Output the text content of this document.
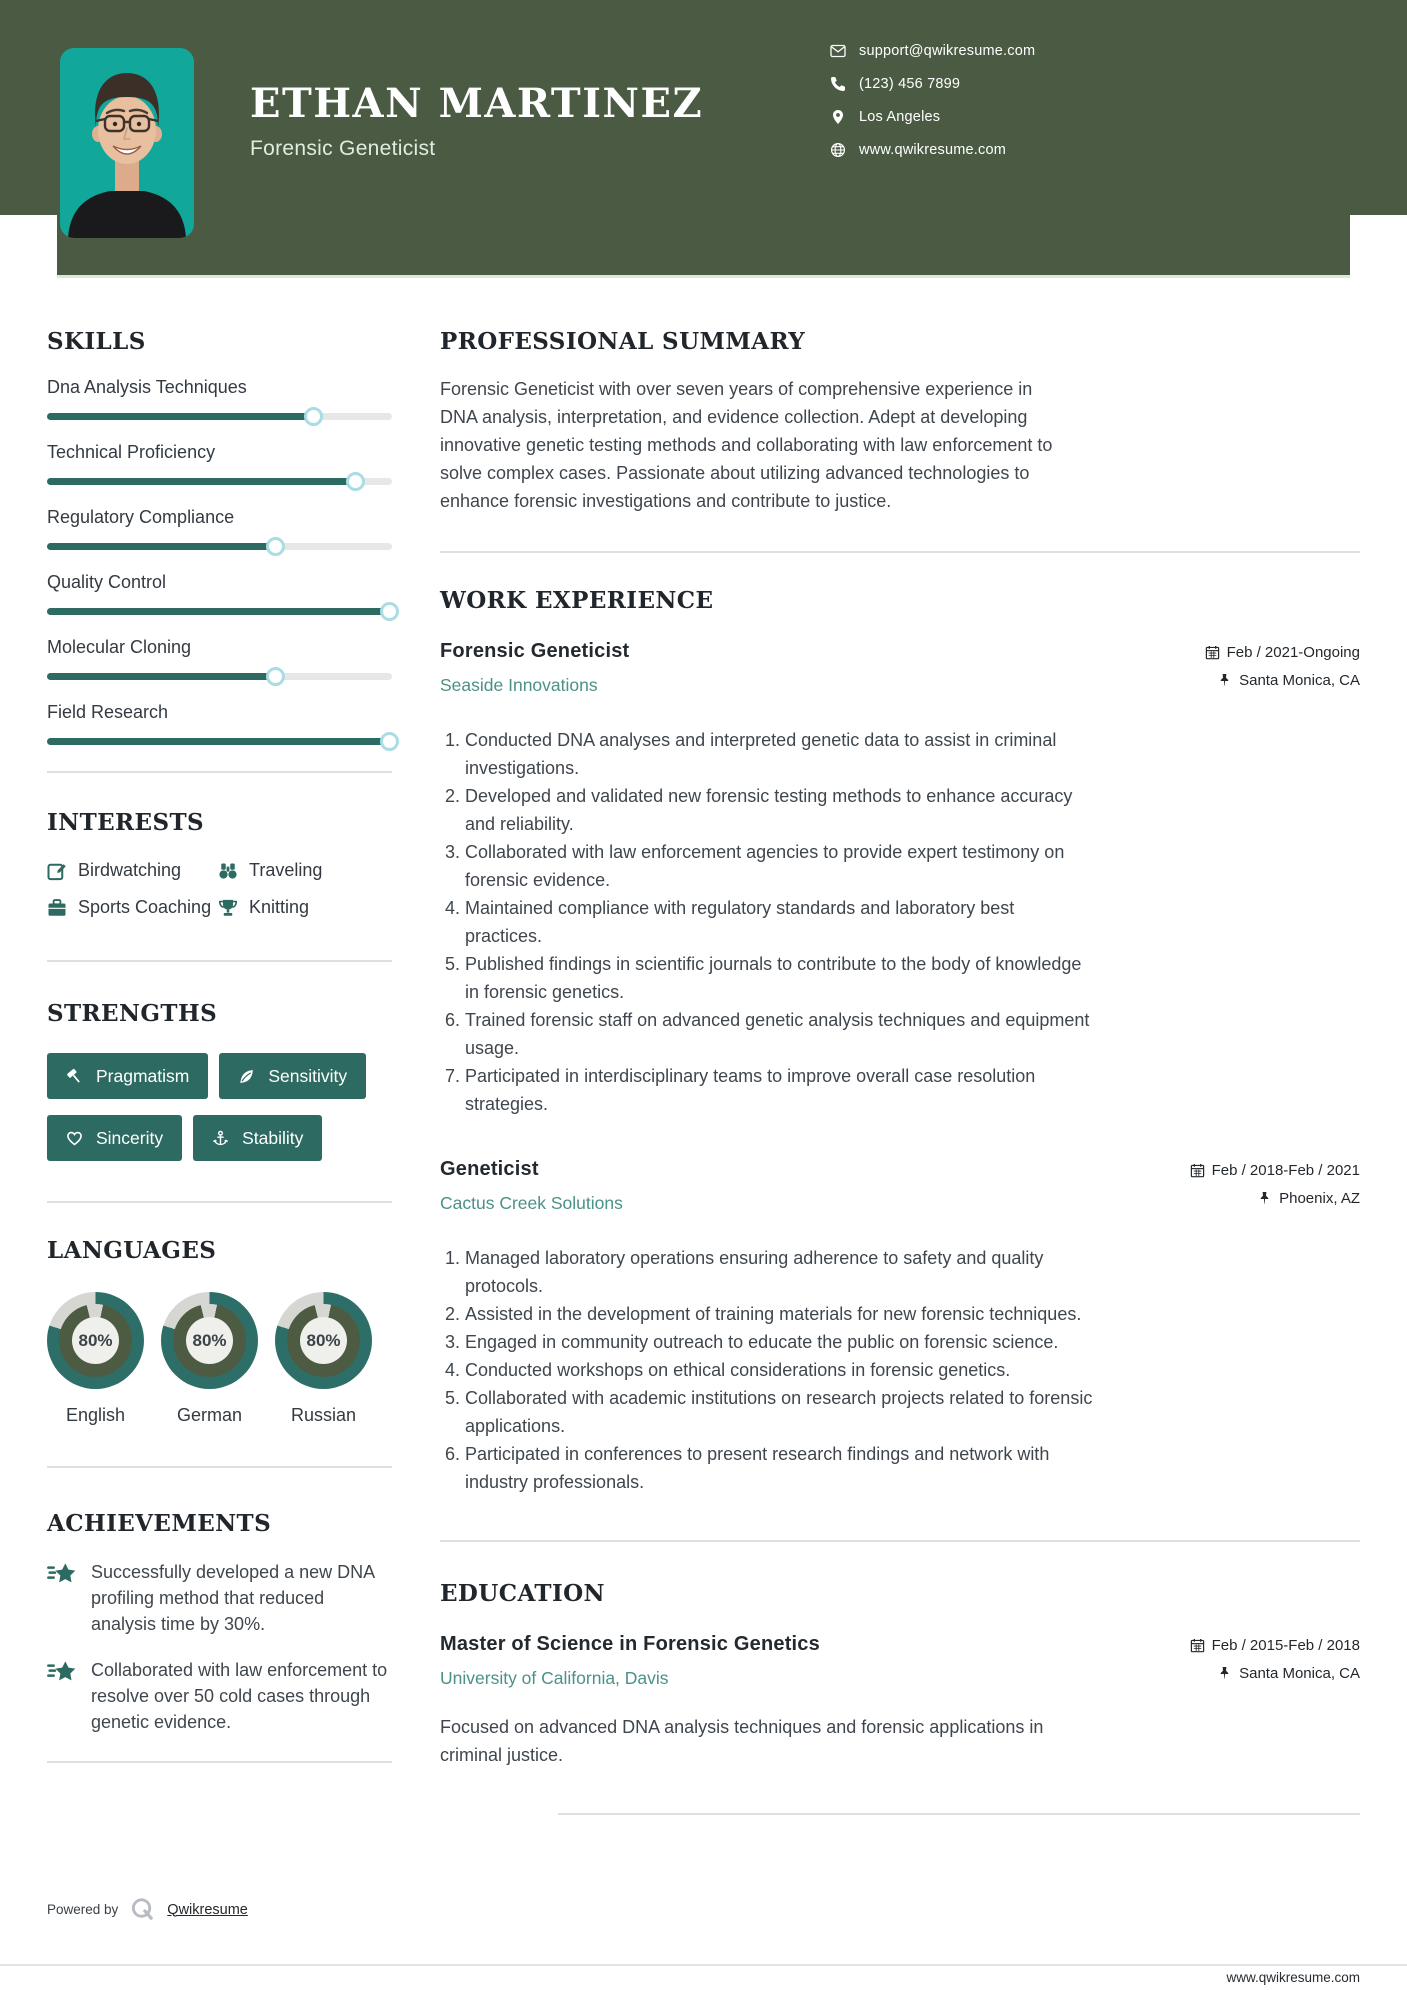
ETHAN MARTINEZ
Forensic Geneticist
support@qwikresume.com
(123) 456 7899
Los Angeles
www.qwikresume.com
SKILLS
Dna Analysis Techniques
Technical Proficiency
Regulatory Compliance
Quality Control
Molecular Cloning
Field Research
INTERESTS
Birdwatching	Traveling
Sports Coaching Knitting
STRENGTHS
Pragmatism	Sensitivity
Sincerity	Stability
LANGUAGES
80%
English
80%
German
80%
Russian
ACHIEVEMENTS
Successfully developed a new DNA profiling method that reduced analysis time by 30%.
Collaborated with law enforcement to resolve over 50 cold cases through genetic evidence.
PROFESSIONAL SUMMARY

Forensic Geneticist with over seven years of comprehensive experience in DNA analysis, interpretation, and evidence collection. Adept at developing innovative genetic testing methods and collaborating with law enforcement to solve complex cases. Passionate about utilizing advanced technologies to enhance forensic investigations and contribute to justice.

WORK EXPERIENCE
Forensic Geneticist
Seaside Innovations
Feb / 2021-Ongoing
Santa Monica, CA
1. Conducted DNA analyses and interpreted genetic data to assist in criminal investigations.
2. Developed and validated new forensic testing methods to enhance accuracy and reliability.
3. Collaborated with law enforcement agencies to provide expert testimony on forensic evidence.
4. Maintained compliance with regulatory standards and laboratory best practices.
5. Published findings in scientific journals to contribute to the body of knowledge in forensic genetics.
6. Trained forensic staff on advanced genetic analysis techniques and equipment usage.
7. Participated in interdisciplinary teams to improve overall case resolution strategies.
Geneticist
Cactus Creek Solutions
Feb / 2018-Feb / 2021
Phoenix, AZ
1. Managed laboratory operations ensuring adherence to safety and quality protocols.
2. Assisted in the development of training materials for new forensic techniques.
3. Engaged in community outreach to educate the public on forensic science.
4. Conducted workshops on ethical considerations in forensic genetics.
5. Collaborated with academic institutions on research projects related to forensic applications.
6. Participated in conferences to present research findings and network with industry professionals.
EDUCATION
Master of Science in Forensic Genetics
University of California, Davis
Feb / 2015-Feb / 2018
Santa Monica, CA

Focused on advanced DNA analysis techniques and forensic applications in criminal justice.

Powered by	Qwikresume
www.qwikresume.com
